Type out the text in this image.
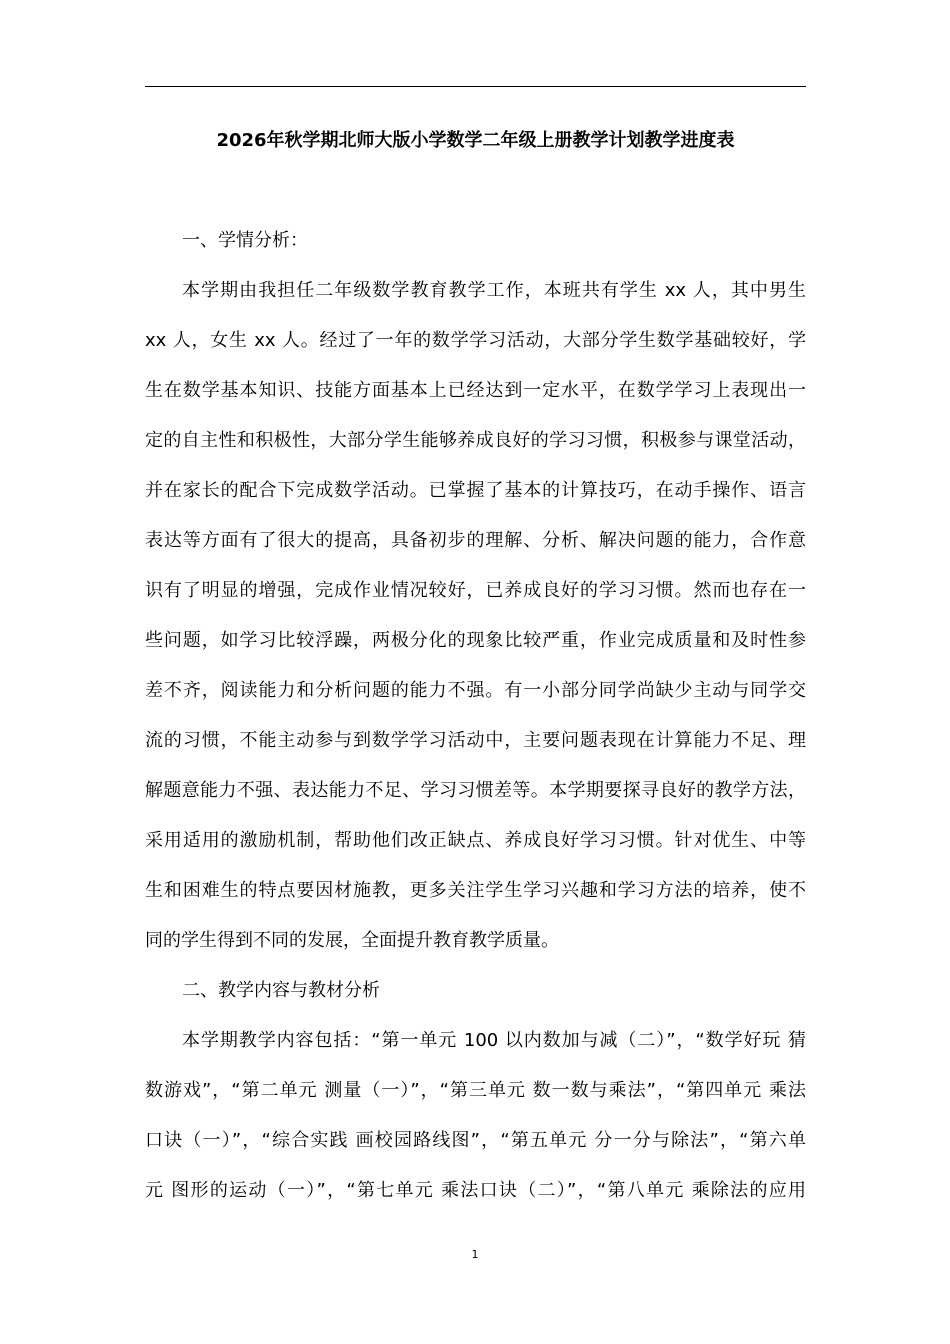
2026年秋学期北师大版小学数学二年级上册教学计划教学进度表
一、学情分析：
本学期由我担任二年级数学教育教学工作，本班共有学生 xx 人，其中男生
xx 人，女生 xx 人。经过了一年的数学学习活动，大部分学生数学基础较好，学
生在数学基本知识、技能方面基本上已经达到一定水平，在数学学习上表现出一
定的自主性和积极性，大部分学生能够养成良好的学习习惯，积极参与课堂活动，
并在家长的配合下完成数学活动。已掌握了基本的计算技巧，在动手操作、语言
表达等方面有了很大的提高，具备初步的理解、分析、解决问题的能力，合作意
识有了明显的增强，完成作业情况较好，已养成良好的学习习惯。然而也存在一
些问题，如学习比较浮躁，两极分化的现象比较严重，作业完成质量和及时性参
差不齐，阅读能力和分析问题的能力不强。有一小部分同学尚缺少主动与同学交
流的习惯，不能主动参与到数学学习活动中，主要问题表现在计算能力不足、理
解题意能力不强、表达能力不足、学习习惯差等。本学期要探寻良好的教学方法，
采用适用的激励机制，帮助他们改正缺点、养成良好学习习惯。针对优生、中等
生和困难生的特点要因材施教，更多关注学生学习兴趣和学习方法的培养，使不
同的学生得到不同的发展，全面提升教育教学质量。
二、教学内容与教材分析
本学期教学内容包括：“第一单元 100 以内数加与减（二）”，“数学好玩 猜
数游戏”，“第二单元 测量（一）”，“第三单元 数一数与乘法”，“第四单元 乘法
口诀（一）”，“综合实践 画校园路线图”，“第五单元 分一分与除法”，“第六单
元 图形的运动（一）”，“第七单元 乘法口诀（二）”，“第八单元 乘除法的应用
1
